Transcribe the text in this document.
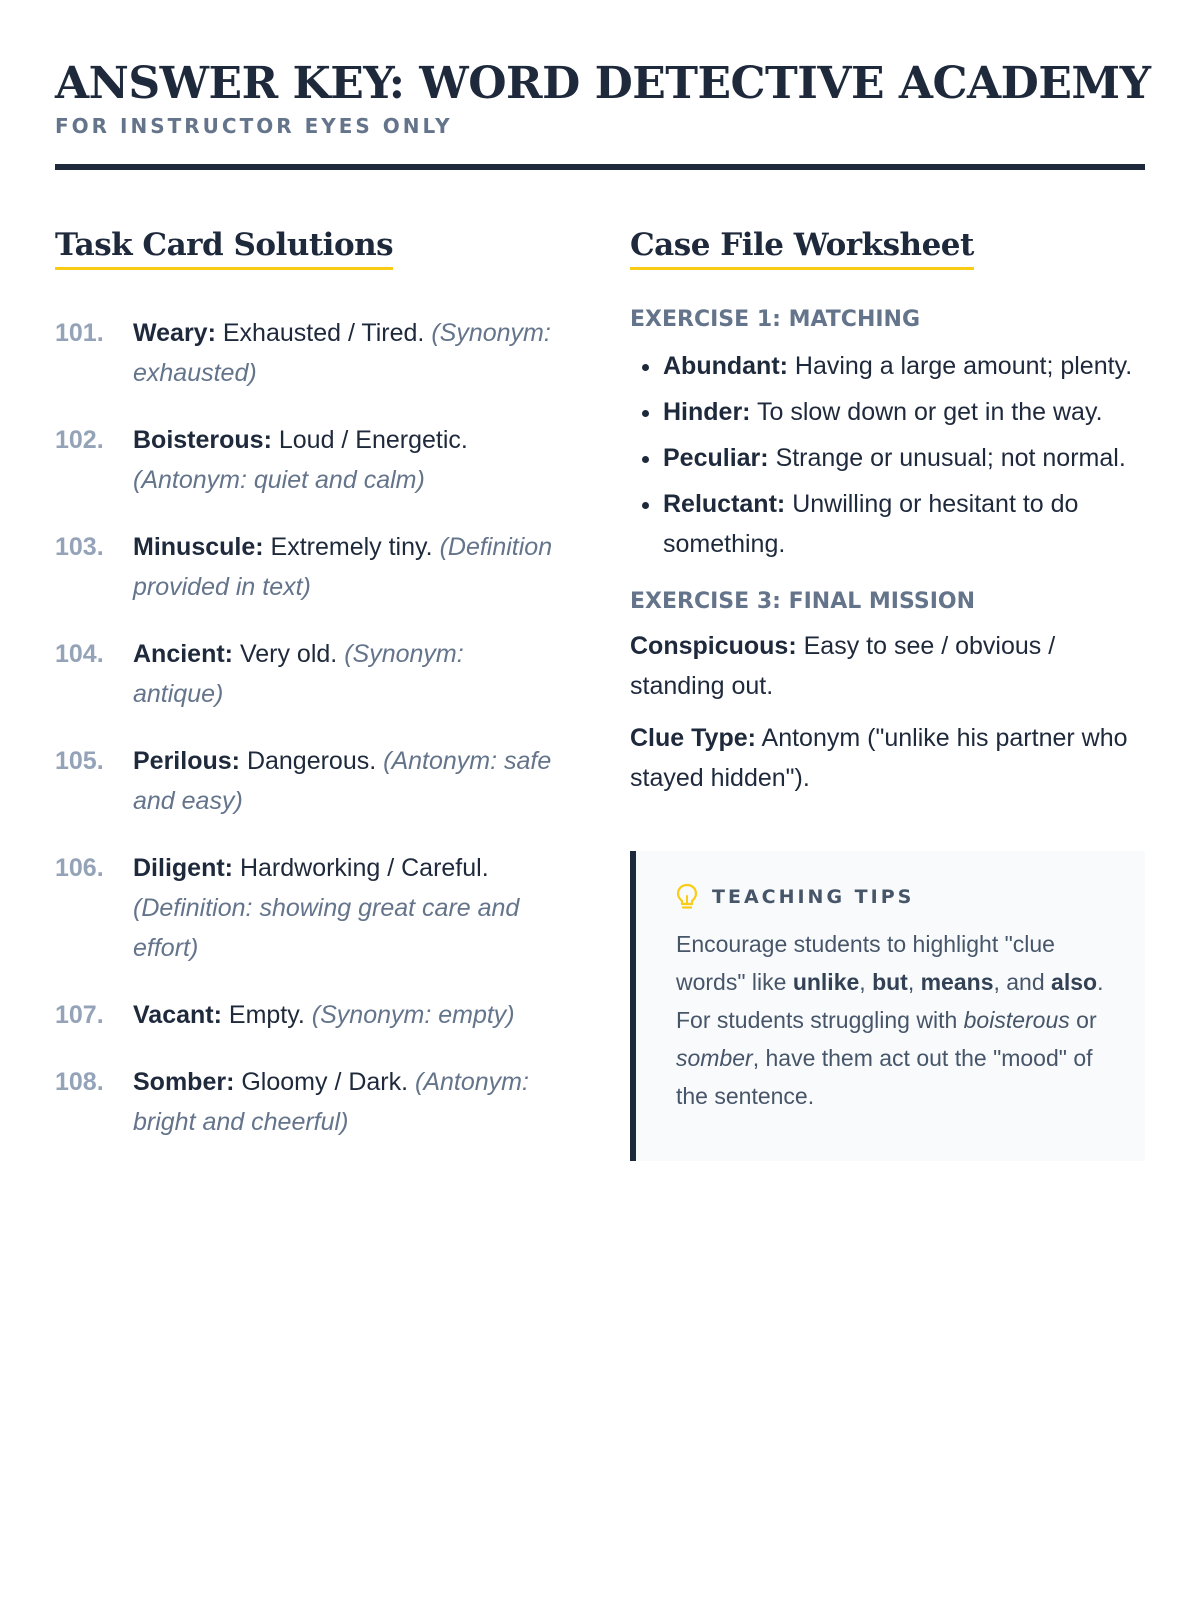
ANSWER KEY: WORD DETECTIVE ACADEMY
FOR INSTRUCTOR EYES ONLY
Task Card Solutions
101.	Weary: Exhausted / Tired. (Synonym: exhausted)
102.	Boisterous: Loud / Energetic. (Antonym: quiet and calm)
103.	Minuscule: Extremely tiny. (Definition provided in text)
104.	Ancient: Very old. (Synonym: antique)
105.	Perilous: Dangerous. (Antonym: safe and easy)
106.	Diligent: Hardworking / Careful. (Definition: showing great care and effort)
107.	Vacant: Empty. (Synonym: empty)
108.	Somber: Gloomy / Dark. (Antonym: bright and cheerful)
Case File Worksheet
EXERCISE 1: MATCHING
• Abundant: Having a large amount; plenty.
• Hinder: To slow down or get in the way.
• Peculiar: Strange or unusual; not normal.
• Reluctant: Unwilling or hesitant to do something.
EXERCISE 3: FINAL MISSION

Conspicuous: Easy to see / obvious / standing out.

Clue Type: Antonym ("unlike his partner who stayed hidden").

TEACHING TIPS
Encourage students to highlight "clue words" like unlike, but, means, and also. For students struggling with boisterous or somber, have them act out the "mood" of the sentence.
